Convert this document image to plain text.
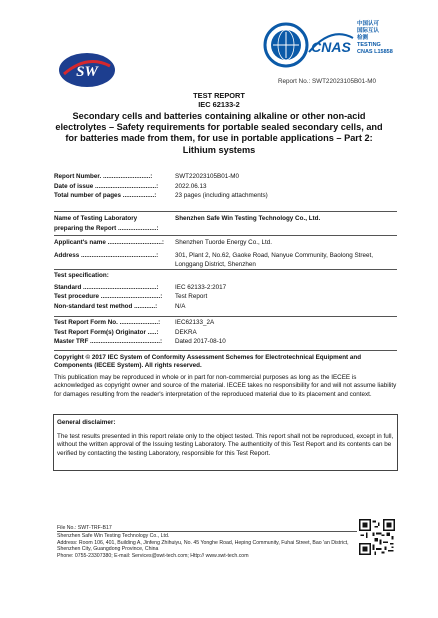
SW
CNAS
中国认可
国际互认
检测
TESTING
CNAS L15858
Report No.: SWT22023105B01-M0
TEST REPORT
IEC 62133-2
Secondary cells and batteries containing alkaline or other non-acid electrolytes – Safety requirements for portable sealed secondary cells, and for batteries made from them, for use in portable applications – Part 2: Lithium systems
Report Number. ...........................:	SWT22023105B01-M0
Date of issue ...................................:	2022.06.13
Total number of pages ..................:	23 pages (including attachments)
Name of Testing Laboratory
preparing the Report ......................:
Shenzhen Safe Win Testing Technology Co., Ltd.
Applicant's name ...............................:	Shenzhen Tuorde Energy Co., Ltd.
Address ...........................................:	301, Plant 2, No.62, Gaoke Road, Nanyue Community, Baolong Street, Longgang District, Shenzhen
Test specification:
Standard ..........................................:	IEC 62133-2:2017
Test procedure ..................................:	Test Report
Non-standard test method ............:	N/A
Test Report Form No. ......................:	IEC62133_2A
Test Report Form(s) Originator .....:	DEKRA
Master TRF ........................................:	Dated 2017-08-10
Copyright © 2017 IEC System of Conformity Assessment Schemes for Electrotechnical Equipment and Components (IECEE System). All rights reserved.
This publication may be reproduced in whole or in part for non-commercial purposes as long as the IECEE is acknowledged as copyright owner and source of the material. IECEE takes no responsibility for and will not assume liability for damages resulting from the reader's interpretation of the reproduced material due to its placement and context.
General disclaimer:
The test results presented in this report relate only to the object tested. This report shall not be reproduced, except in full, without the written approval of the Issuing testing Laboratory. The authenticity of this Test Report and its contents can be verified by contacting the testing Laboratory, responsible for this Test Report.
File No.: SWT-TRF-B17
Shenzhen Safe Win Testing Technology Co., Ltd.
Address: Room 106, 401, Building A, Jinfeng Zhihuiyu, No. 45 Yonghe Road, Heping Community, Fuhai Street, Bao 'an District, Shenzhen City, Guangdong Province, China
Phone: 0755-23307380; E-mail: Services@swt-tech.com; Http:// www.swt-tech.com
